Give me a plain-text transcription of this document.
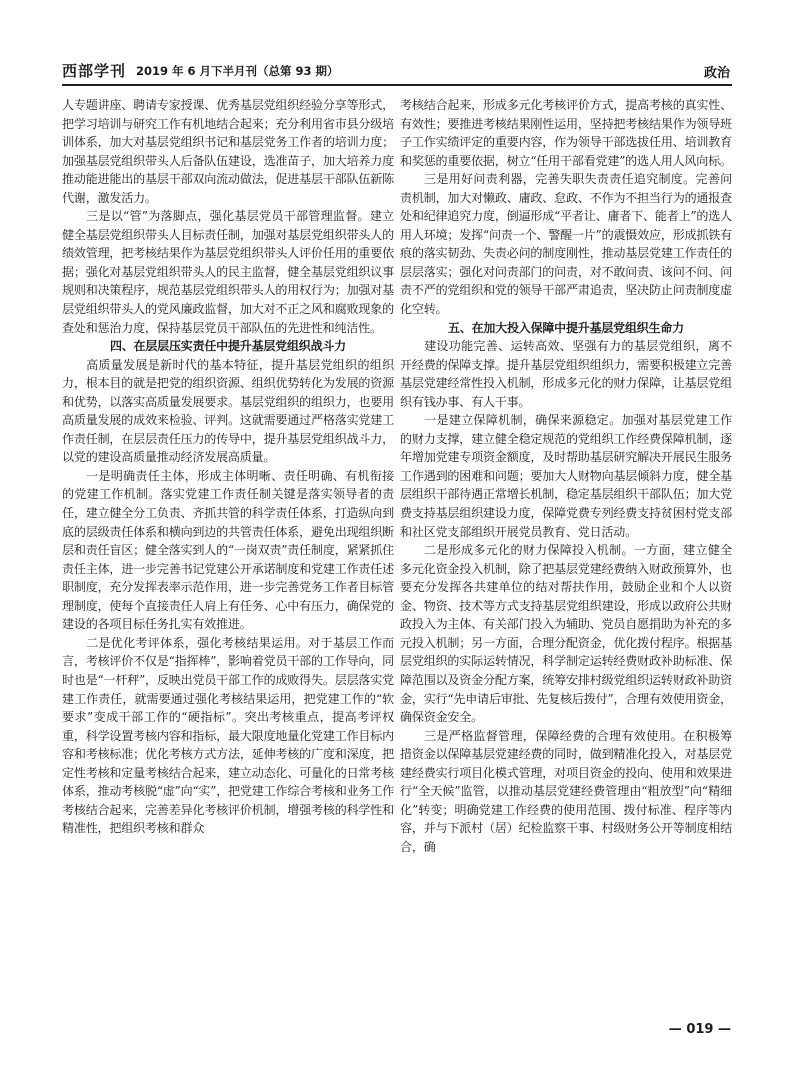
西部学刊 2019 年 6 月下半月刊（总第 93 期）	政治

人专题讲座、聘请专家授课、优秀基层党组织经验分享等形式，把学习培训与研究工作有机地结合起来；充分利用省市县分级培训体系，加大对基层党组织书记和基层党务工作者的培训力度；加强基层党组织带头人后备队伍建设，选准苗子，加大培养力度推动能进能出的基层干部双向流动做法，促进基层干部队伍新陈代谢，激发活力。

三是以“管”为落脚点，强化基层党员干部管理监督。建立健全基层党组织带头人目标责任制，加强对基层党组织带头人的绩效管理，把考核结果作为基层党组织带头人评价任用的重要依据；强化对基层党组织带头人的民主监督，健全基层党组织议事规则和决策程序，规范基层党组织带头人的用权行为；加强对基层党组织带头人的党风廉政监督，加大对不正之风和腐败现象的查处和惩治力度，保持基层党员干部队伍的先进性和纯洁性。

四、在层层压实责任中提升基层党组织战斗力

高质量发展是新时代的基本特征，提升基层党组织的组织力，根本目的就是把党的组织资源、组织优势转化为发展的资源和优势，以落实高质量发展要求。基层党组织的组织力，也要用高质量发展的成效来检验、评判。这就需要通过严格落实党建工作责任制，在层层责任压力的传导中，提升基层党组织战斗力，以党的建设高质量推动经济发展高质量。

一是明确责任主体，形成主体明晰、责任明确、有机衔接的党建工作机制。落实党建工作责任制关键是落实领导者的责任，建立健全分工负责、齐抓共管的科学责任体系，打造纵向到底的层级责任体系和横向到边的共管责任体系，避免出现组织断层和责任盲区；健全落实到人的“一岗双责”责任制度，紧紧抓住责任主体，进一步完善书记党建公开承诺制度和党建工作责任述职制度，充分发挥表率示范作用，进一步完善党务工作者目标管理制度，使每个直接责任人肩上有任务、心中有压力，确保党的建设的各项目标任务扎实有效推进。

二是优化考评体系，强化考核结果运用。对于基层工作而言，考核评价不仅是“指挥棒”，影响着党员干部的工作导向，同时也是“一杆秤”，反映出党员干部工作的成败得失。层层落实党建工作责任，就需要通过强化考核结果运用，把党建工作的“软要求”变成干部工作的“硬指标”。突出考核重点，提高考评权重，科学设置考核内容和指标，最大限度地量化党建工作目标内容和考核标准；优化考核方式方法，延伸考核的广度和深度，把定性考核和定量考核结合起来，建立动态化、可量化的日常考核体系，推动考核脱“虚”向“实”，把党建工作综合考核和业务工作考核结合起来，完善差异化考核评价机制，增强考核的科学性和精准性，把组织考核和群众

考核结合起来，形成多元化考核评价方式，提高考核的真实性、有效性；要推进考核结果刚性运用，坚持把考核结果作为领导班子工作实绩评定的重要内容，作为领导干部选拔任用、培训教育和奖惩的重要依据，树立“任用干部看党建”的选人用人风向标。

三是用好问责利器，完善失职失责责任追究制度。完善问责机制，加大对懒政、庸政、怠政、不作为不担当行为的通报查处和纪律追究力度，倒逼形成“平者让、庸者下、能者上”的选人用人环境；发挥“问责一个、警醒一片”的震慑效应，形成抓铁有痕的落实韧劲、失责必问的制度刚性，推动基层党建工作责任的层层落实；强化对问责部门的问责，对不敢问责、该问不问、问责不严的党组织和党的领导干部严肃追责，坚决防止问责制度虚化空转。

五、在加大投入保障中提升基层党组织生命力

建设功能完善、运转高效、坚强有力的基层党组织，离不开经费的保障支撑。提升基层党组织组织力，需要积极建立完善基层党建经常性投入机制，形成多元化的财力保障，让基层党组织有钱办事、有人干事。

一是建立保障机制，确保来源稳定。加强对基层党建工作的财力支撑，建立健全稳定规范的党组织工作经费保障机制，逐年增加党建专项资金额度，及时帮助基层研究解决开展民生服务工作遇到的困难和问题；要加大人财物向基层倾斜力度，健全基层组织干部待遇正常增长机制，稳定基层组织干部队伍；加大党费支持基层组织建设力度，保障党费专列经费支持贫困村党支部和社区党支部组织开展党员教育、党日活动。

二是形成多元化的财力保障投入机制。一方面，建立健全多元化资金投入机制，除了把基层党建经费纳入财政预算外，也要充分发挥各共建单位的结对帮扶作用，鼓励企业和个人以资金、物资、技术等方式支持基层党组织建设，形成以政府公共财政投入为主体、有关部门投入为辅助、党员自愿捐助为补充的多元投入机制；另一方面，合理分配资金，优化拨付程序。根据基层党组织的实际运转情况，科学制定运转经费财政补助标准、保障范围以及资金分配方案，统筹安排村级党组织运转财政补助资金，实行“先申请后审批、先复核后拨付”，合理有效使用资金，确保资金安全。

三是严格监督管理，保障经费的合理有效使用。在积极筹措资金以保障基层党建经费的同时，做到精准化投入，对基层党建经费实行项目化模式管理，对项目资金的投向、使用和效果进行“全天候”监管，以推动基层党建经费管理由“粗放型”向“精细化”转变；明确党建工作经费的使用范围、拨付标准、程序等内容，并与下派村（居）纪检监察干事、村级财务公开等制度相结合，确

— 019 —
